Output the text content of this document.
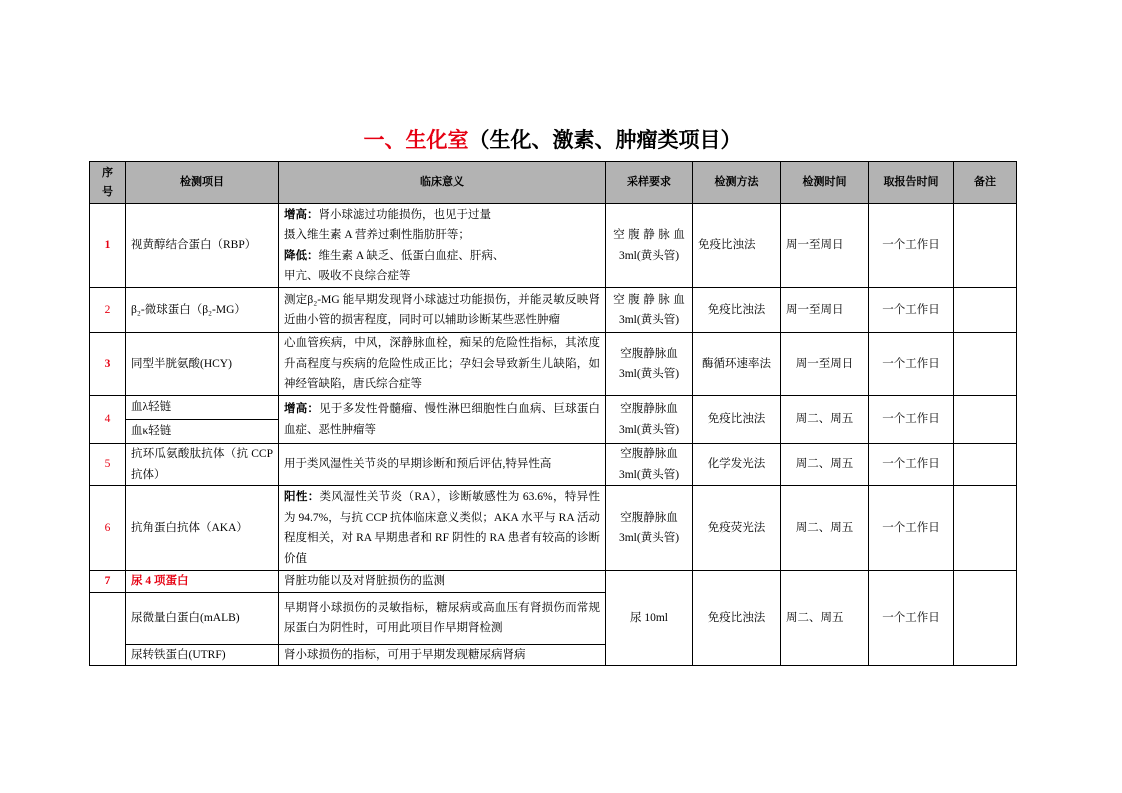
一、生化室（生化、激素、肿瘤类项目）
序号	检测项目	临床意义	采样要求	检测方法	检测时间	取报告时间	备注
1	视黄醇结合蛋白（RBP）	增高：肾小球滤过功能损伤，也见于过量
摄入维生素 A 营养过剩性脂肪肝等；
降低：维生素 A 缺乏、低蛋白血症、肝病、
甲亢、吸收不良综合症等	空腹静脉血
3ml(黄头管)	免疫比浊法	周一至周日	一个工作日	
2	β₂-微球蛋白（β₂-MG）	测定β₂-MG 能早期发现肾小球滤过功能损伤，并能灵敏反映肾近曲小管的损害程度，同时可以辅助诊断某些恶性肿瘤	空腹静脉血
3ml(黄头管)	免疫比浊法	周一至周日	一个工作日	
3	同型半胱氨酸(HCY)	心血管疾病，中风，深静脉血栓，痴呆的危险性指标，其浓度升高程度与疾病的危险性成正比；孕妇会导致新生儿缺陷，如神经管缺陷，唐氏综合症等	空腹静脉血
3ml(黄头管)	酶循环速率法	周一至周日	一个工作日	
4	血λ轻链	增高：见于多发性骨髓瘤、慢性淋巴细胞性白血病、巨球蛋白血症、恶性肿瘤等	空腹静脉血
3ml(黄头管)	免疫比浊法	周二、周五	一个工作日	
	血κ轻链						
5	抗环瓜氨酸肽抗体（抗 CCP 抗体）	用于类风湿性关节炎的早期诊断和预后评估,特异性高	空腹静脉血
3ml(黄头管)	化学发光法	周二、周五	一个工作日	
6	抗角蛋白抗体（AKA）	阳性：类风湿性关节炎（RA），诊断敏感性为 63.6%，特异性为 94.7%，与抗 CCP 抗体临床意义类似；AKA 水平与 RA 活动程度相关，对 RA 早期患者和 RF 阴性的 RA 患者有较高的诊断价值	空腹静脉血
3ml(黄头管)	免疫荧光法	周二、周五	一个工作日	
7	尿 4 项蛋白	肾脏功能以及对肾脏损伤的监测	尿 10ml	免疫比浊法	周二、周五	一个工作日	
	尿微量白蛋白(mALB)	早期肾小球损伤的灵敏指标，糖尿病或高血压有肾损伤而常规尿蛋白为阴性时，可用此项目作早期肾检测					
	尿转铁蛋白(UTRF)	肾小球损伤的指标，可用于早期发现糖尿病肾病					
